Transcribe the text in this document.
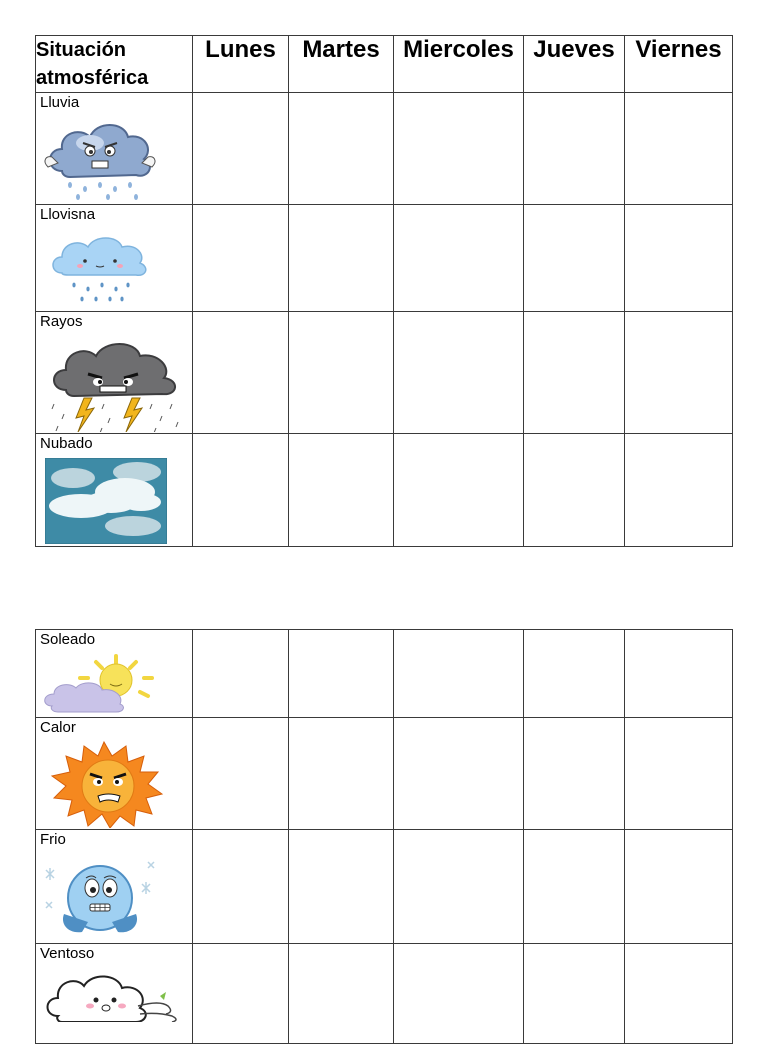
Situación
atmosférica	Lunes	Martes	Miercoles	Jueves	Viernes

Lluvia					

Llovisna					

Rayos					

Nubado					

Soleado					

Calor					

Frio					

Ventoso					
